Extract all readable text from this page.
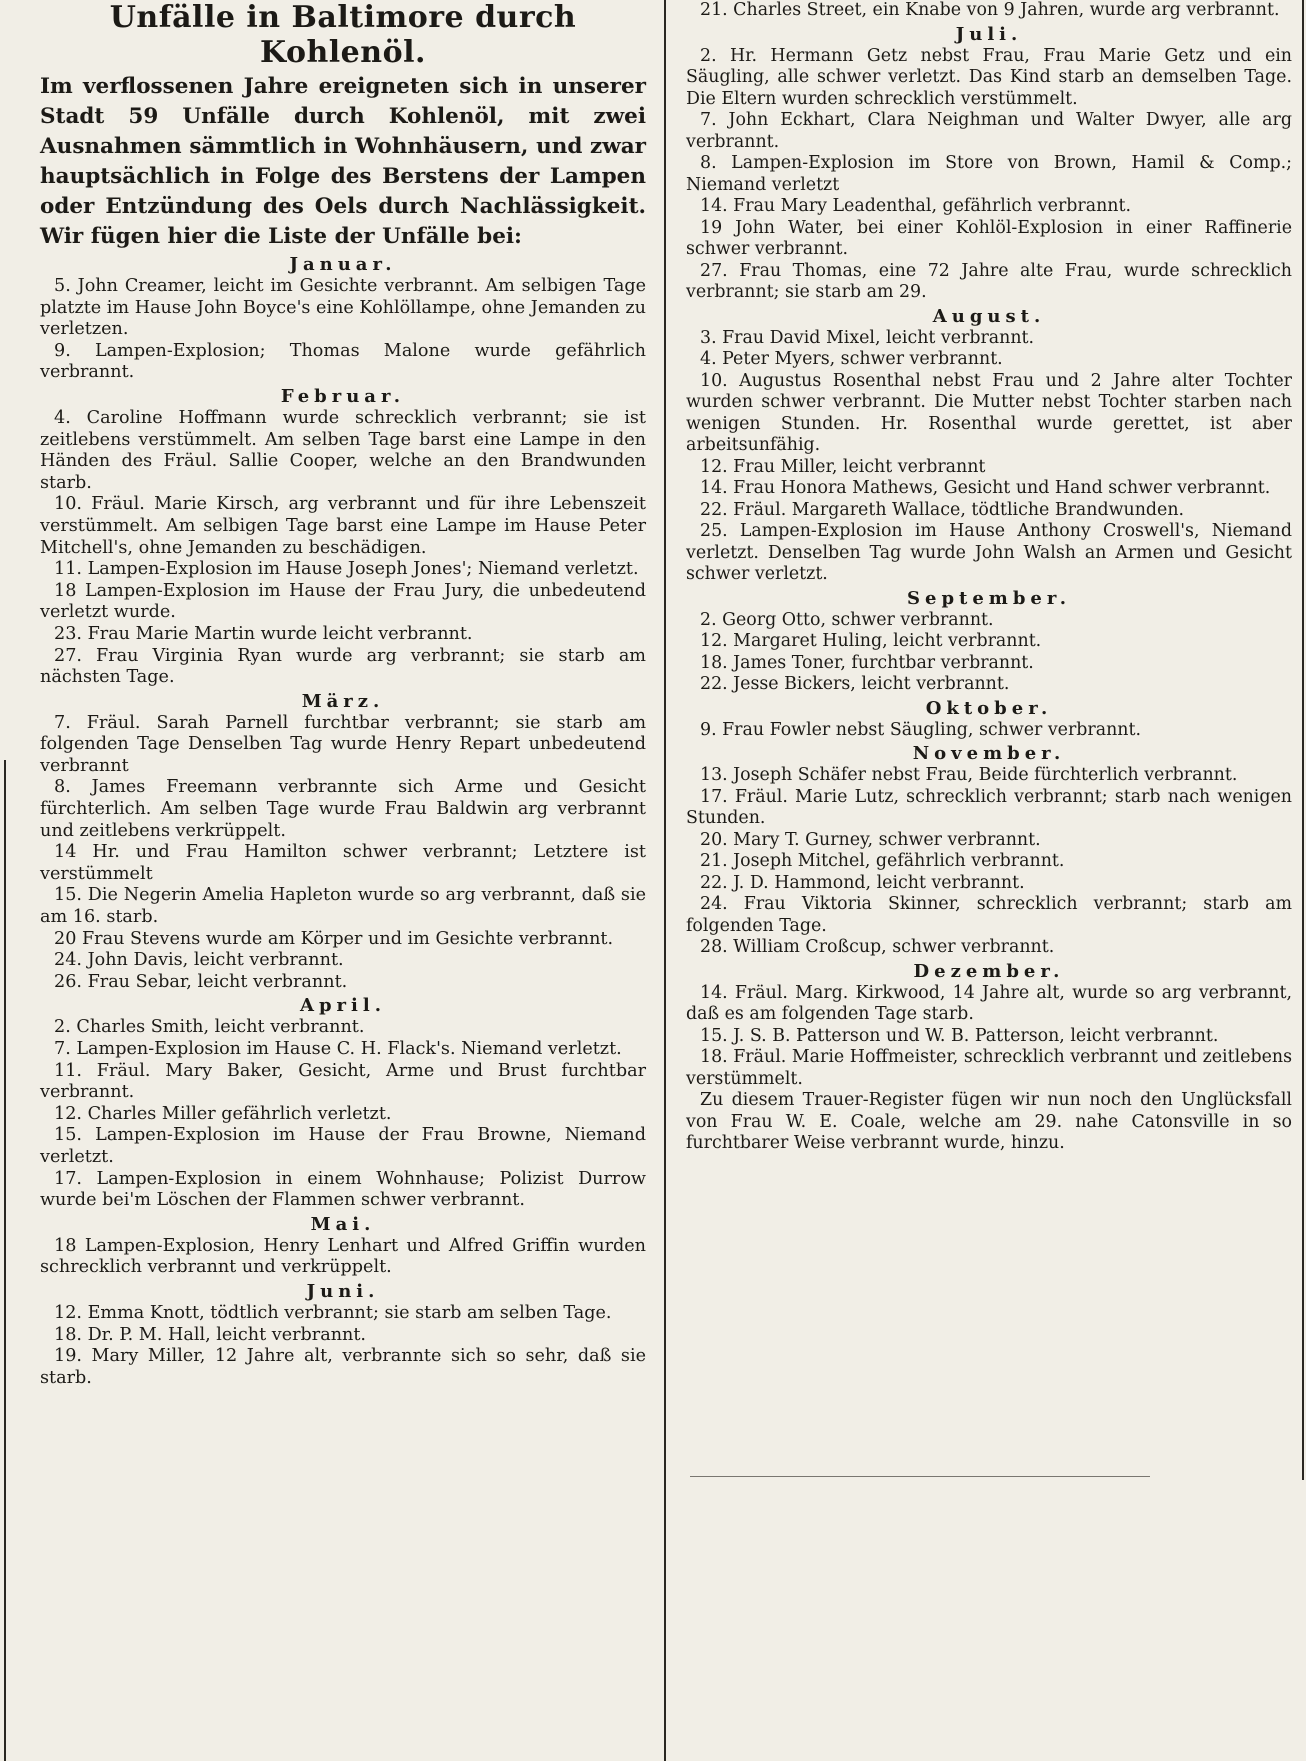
Unfälle in Baltimore durch
Kohlenöl.

Im verflossenen Jahre ereigneten sich in unserer Stadt 59 Unfälle durch Kohlenöl, mit zwei Ausnahmen sämmtlich in Wohnhäusern, und zwar hauptsächlich in Folge des Berstens der Lampen oder Entzündung des Oels durch Nachlässigkeit. Wir fügen hier die Liste der Unfälle bei:

Januar.

5. John Creamer, leicht im Gesichte verbrannt. Am selbigen Tage platzte im Hause John Boyce's eine Kohlöllampe, ohne Jemanden zu verletzen.

9. Lampen-Explosion; Thomas Malone wurde gefährlich verbrannt.

Februar.

4. Caroline Hoffmann wurde schrecklich verbrannt; sie ist zeitlebens verstümmelt. Am selben Tage barst eine Lampe in den Händen des Fräul. Sallie Cooper, welche an den Brandwunden starb.

10. Fräul. Marie Kirsch, arg verbrannt und für ihre Lebenszeit verstümmelt. Am selbigen Tage barst eine Lampe im Hause Peter Mitchell's, ohne Jemanden zu beschädigen.

11. Lampen-Explosion im Hause Joseph Jones'; Niemand verletzt.

18 Lampen-Explosion im Hause der Frau Jury, die unbedeutend verletzt wurde.

23. Frau Marie Martin wurde leicht verbrannt.

27. Frau Virginia Ryan wurde arg verbrannt; sie starb am nächsten Tage.

März.

7. Fräul. Sarah Parnell furchtbar verbrannt; sie starb am folgenden Tage Denselben Tag wurde Henry Repart unbedeutend verbrannt

8. James Freemann verbrannte sich Arme und Gesicht fürchterlich. Am selben Tage wurde Frau Baldwin arg verbrannt und zeitlebens verkrüppelt.

14 Hr. und Frau Hamilton schwer verbrannt; Letztere ist verstümmelt

15. Die Negerin Amelia Hapleton wurde so arg verbrannt, daß sie am 16. starb.

20 Frau Stevens wurde am Körper und im Gesichte verbrannt.

24. John Davis, leicht verbrannt.

26. Frau Sebar, leicht verbrannt.

April.

2. Charles Smith, leicht verbrannt.

7. Lampen-Explosion im Hause C. H. Flack's. Niemand verletzt.

11. Fräul. Mary Baker, Gesicht, Arme und Brust furchtbar verbrannt.

12. Charles Miller gefährlich verletzt.

15. Lampen-Explosion im Hause der Frau Browne, Niemand verletzt.

17. Lampen-Explosion in einem Wohnhause; Polizist Durrow wurde bei'm Löschen der Flammen schwer verbrannt.

Mai.

18 Lampen-Explosion, Henry Lenhart und Alfred Griffin wurden schrecklich verbrannt und verkrüppelt.

Juni.

12. Emma Knott, tödtlich verbrannt; sie starb am selben Tage.

18. Dr. P. M. Hall, leicht verbrannt.

19. Mary Miller, 12 Jahre alt, verbrannte sich so sehr, daß sie starb.

21. Charles Street, ein Knabe von 9 Jahren, wurde arg verbrannt.

Juli.

2. Hr. Hermann Getz nebst Frau, Frau Marie Getz und ein Säugling, alle schwer verletzt. Das Kind starb an demselben Tage. Die Eltern wurden schrecklich verstümmelt.

7. John Eckhart, Clara Neighman und Walter Dwyer, alle arg verbrannt.

8. Lampen-Explosion im Store von Brown, Hamil & Comp.; Niemand verletzt

14. Frau Mary Leadenthal, gefährlich verbrannt.

19 John Water, bei einer Kohlöl-Explosion in einer Raffinerie schwer verbrannt.

27. Frau Thomas, eine 72 Jahre alte Frau, wurde schrecklich verbrannt; sie starb am 29.

August.

3. Frau David Mixel, leicht verbrannt.

4. Peter Myers, schwer verbrannt.

10. Augustus Rosenthal nebst Frau und 2 Jahre alter Tochter wurden schwer verbrannt. Die Mutter nebst Tochter starben nach wenigen Stunden. Hr. Rosenthal wurde gerettet, ist aber arbeitsunfähig.

12. Frau Miller, leicht verbrannt

14. Frau Honora Mathews, Gesicht und Hand schwer verbrannt.

22. Fräul. Margareth Wallace, tödtliche Brandwunden.

25. Lampen-Explosion im Hause Anthony Croswell's, Niemand verletzt. Denselben Tag wurde John Walsh an Armen und Gesicht schwer verletzt.

September.

2. Georg Otto, schwer verbrannt.

12. Margaret Huling, leicht verbrannt.

18. James Toner, furchtbar verbrannt.

22. Jesse Bickers, leicht verbrannt.

Oktober.

9. Frau Fowler nebst Säugling, schwer verbrannt.

November.

13. Joseph Schäfer nebst Frau, Beide fürchterlich verbrannt.

17. Fräul. Marie Lutz, schrecklich verbrannt; starb nach wenigen Stunden.

20. Mary T. Gurney, schwer verbrannt.

21. Joseph Mitchel, gefährlich verbrannt.

22. J. D. Hammond, leicht verbrannt.

24. Frau Viktoria Skinner, schrecklich verbrannt; starb am folgenden Tage.

28. William Croßcup, schwer verbrannt.

Dezember.

14. Fräul. Marg. Kirkwood, 14 Jahre alt, wurde so arg verbrannt, daß es am folgenden Tage starb.

15. J. S. B. Patterson und W. B. Patterson, leicht verbrannt.

18. Fräul. Marie Hoffmeister, schrecklich verbrannt und zeitlebens verstümmelt.

Zu diesem Trauer-Register fügen wir nun noch den Unglücksfall von Frau W. E. Coale, welche am 29. nahe Catonsville in so furchtbarer Weise verbrannt wurde, hinzu.
